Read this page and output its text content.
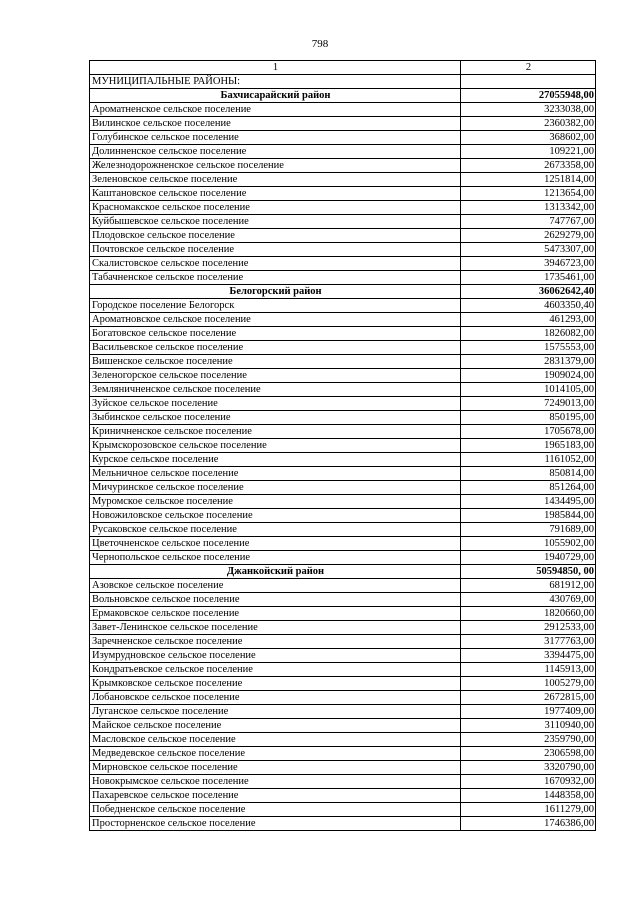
798
1	2
МУНИЦИПАЛЬНЫЕ РАЙОНЫ:	
Бахчисарайский район	27055948,00
Ароматненское сельское поселение	3233038,00
Вилинское сельское поселение	2360382,00
Голубинское сельское поселение	368602,00
Долинненское сельское поселение	109221,00
Железнодорожненское сельское поселение	2673358,00
Зеленовское сельское поселение	1251814,00
Каштановское сельское поселение	1213654,00
Красномакское сельское поселение	1313342,00
Куйбышевское сельское поселение	747767,00
Плодовское сельское поселение	2629279,00
Почтовское сельское поселение	5473307,00
Скалистовское сельское поселение	3946723,00
Табачненское сельское поселение	1735461,00
Белогорский район	36062642,40
Городское поселение Белогорск	4603350,40
Ароматновское сельское поселение	461293,00
Богатовское сельское поселение	1826082,00
Васильевское сельское поселение	1575553,00
Вишенское сельское поселение	2831379,00
Зеленогорское сельское поселение	1909024,00
Земляничненское сельское поселение	1014105,00
Зуйское сельское поселение	7249013,00
Зыбинское сельское поселение	850195,00
Криничненское сельское поселение	1705678,00
Крымскорозовское сельское поселение	1965183,00
Курское сельское поселение	1161052,00
Мельничное сельское поселение	850814,00
Мичуринское сельское поселение	851264,00
Муромское сельское поселение	1434495,00
Новожиловское сельское поселение	1985844,00
Русаковское сельское поселение	791689,00
Цветочненское сельское поселение	1055902,00
Чернопольское сельское поселение	1940729,00
Джанкойский район	50594850, 00
Азовское сельское поселение	681912,00
Вольновское сельское поселение	430769,00
Ермаковское сельское поселение	1820660,00
Завет-Ленинское сельское поселение	2912533,00
Заречненское сельское поселение	3177763,00
Изумрудновское сельское поселение	3394475,00
Кондратьевское сельское поселение	1145913,00
Крымковское сельское поселение	1005279,00
Лобановское сельское поселение	2672815,00
Луганское сельское поселение	1977409,00
Майское сельское поселение	3110940,00
Масловское сельское поселение	2359790,00
Медведевское сельское поселение	2306598,00
Мирновское сельское поселение	3320790,00
Новокрымское сельское поселение	1670932,00
Пахаревское сельское поселение	1448358,00
Победненское сельское поселение	1611279,00
Просторненское сельское поселение	1746386,00
